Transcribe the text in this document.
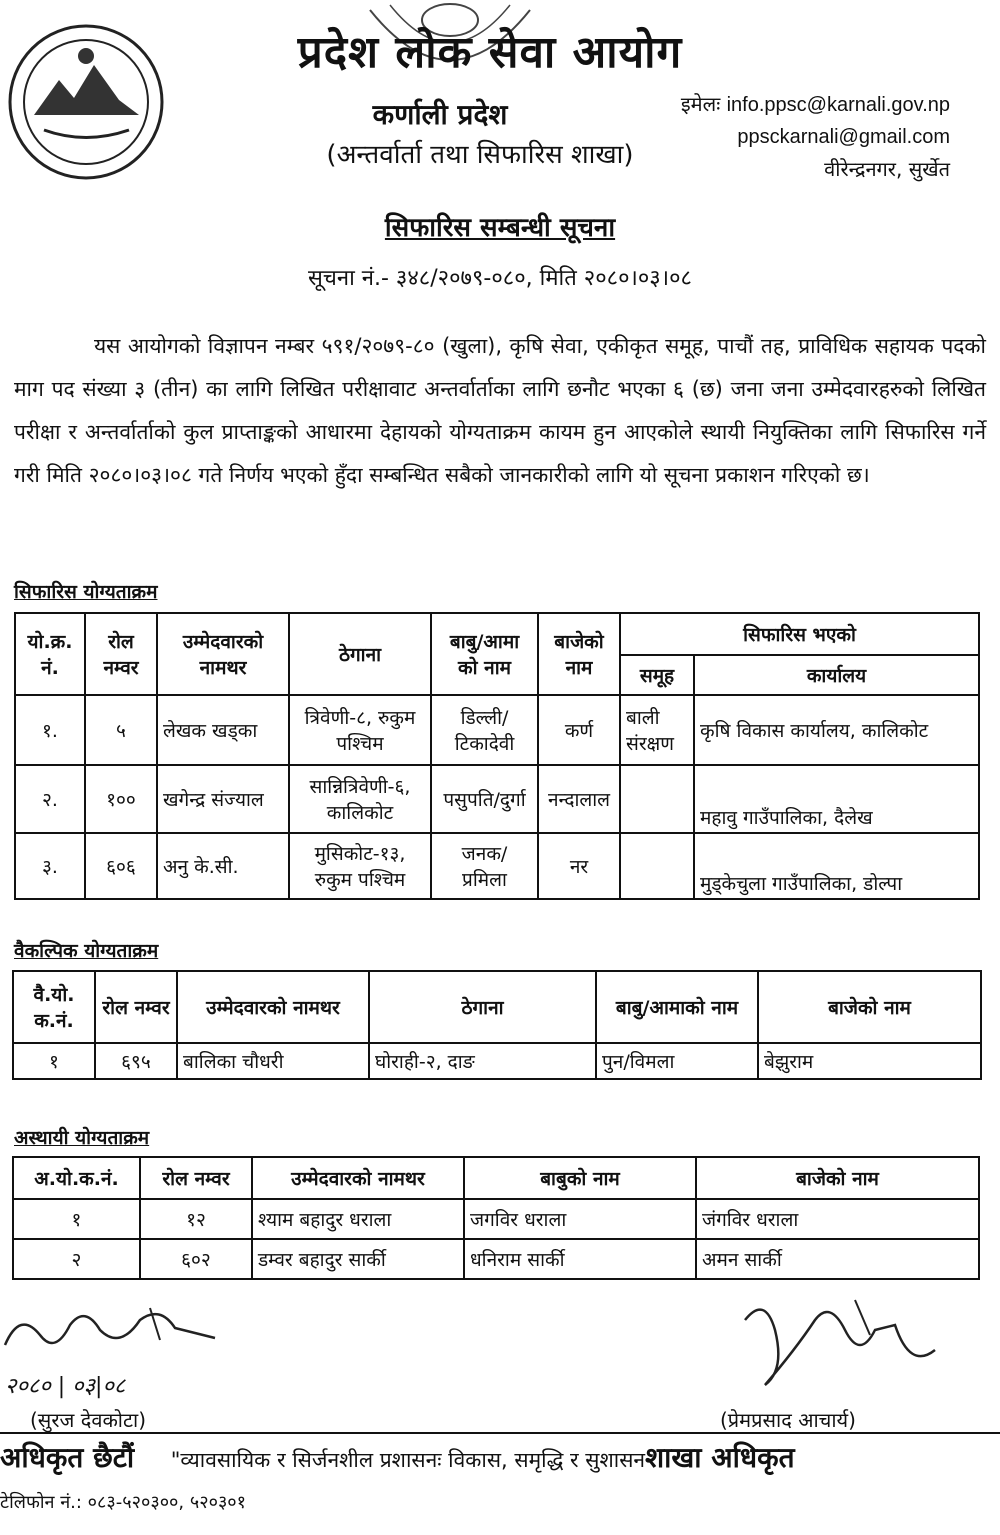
प्रदेश लोक सेवा आयोग
कर्णाली प्रदेश
(अन्तर्वार्ता तथा सिफारिस शाखा)
इमेलः info.ppsc@karnali.gov.np
ppsckarnali@gmail.com
वीरेन्द्रनगर, सुर्खेत
सिफारिस सम्बन्धी सूचना
सूचना नं.- ३४८/२०७९-०८०, मिति २०८०।०३।०८
यस आयोगको विज्ञापन नम्बर ५९१/२०७९-८० (खुला), कृषि सेवा, एकीकृत समूह, पाचौं तह, प्राविधिक सहायक पदको माग पद संख्या ३ (तीन) का लागि लिखित परीक्षावाट अन्तर्वार्ताका लागि छनौट भएका ६ (छ) जना जना उम्मेदवारहरुको लिखित परीक्षा र अन्तर्वार्ताको कुल प्राप्ताङ्कको आधारमा देहायको योग्यताक्रम कायम हुन आएकोले स्थायी नियुक्तिका लागि सिफारिस गर्ने गरी मिति २०८०।०३।०८ गते निर्णय भएको हुँदा सम्बन्धित सबैको जानकारीको लागि यो सूचना प्रकाशन गरिएको छ।
सिफारिस योग्यताक्रम
यो.क्र. नं.	रोल नम्वर	उम्मेदवारको नामथर	ठेगाना	बाबु/आमा को नाम	बाजेको नाम	सिफारिस भएको	
						समूह	कार्यालय
१.	५	लेखक खड्का	त्रिवेणी-८, रुकुम पश्चिम	डिल्ली/ टिकादेवी	कर्ण	बाली संरक्षण	कृषि विकास कार्यालय, कालिकोट
२.	१००	खगेन्द्र संज्याल	सान्नित्रिवेणी-६, कालिकोट	पसुपति/दुर्गा	नन्दालाल		महावु गाउँपालिका, दैलेख
३.	६०६	अनु के.सी.	मुसिकोट-१३, रुकुम पश्चिम	जनक/ प्रमिला	नर		मुड्केचुला गाउँपालिका, डोल्पा
वैकल्पिक योग्यताक्रम
वै.यो. क.नं.	रोल नम्वर	उम्मेदवारको नामथर	ठेगाना	बाबु/आमाको नाम	बाजेको नाम
१	६९५	बालिका चौधरी	घोराही-२, दाङ	पुन/विमला	बेझुराम
अस्थायी योग्यताक्रम
अ.यो.क.नं.	रोल नम्वर	उम्मेदवारको नामथर	बाबुको नाम	बाजेको नाम
१	१२	श्याम बहादुर धराला	जगविर धराला	जंगविर धराला
२	६०२	डम्वर बहादुर सार्की	धनिराम सार्की	अमन सार्की
२०८० | ०३|०८
(सुरज देवकोटा)	(प्रेमप्रसाद आचार्य)
अधिकृत छैटौं "व्यावसायिक र सिर्जनशील प्रशासनः विकास, समृद्धि र सुशासनशाखा अधिकृत
टेलिफोन नं.: ०८३-५२०३००, ५२०३०१
